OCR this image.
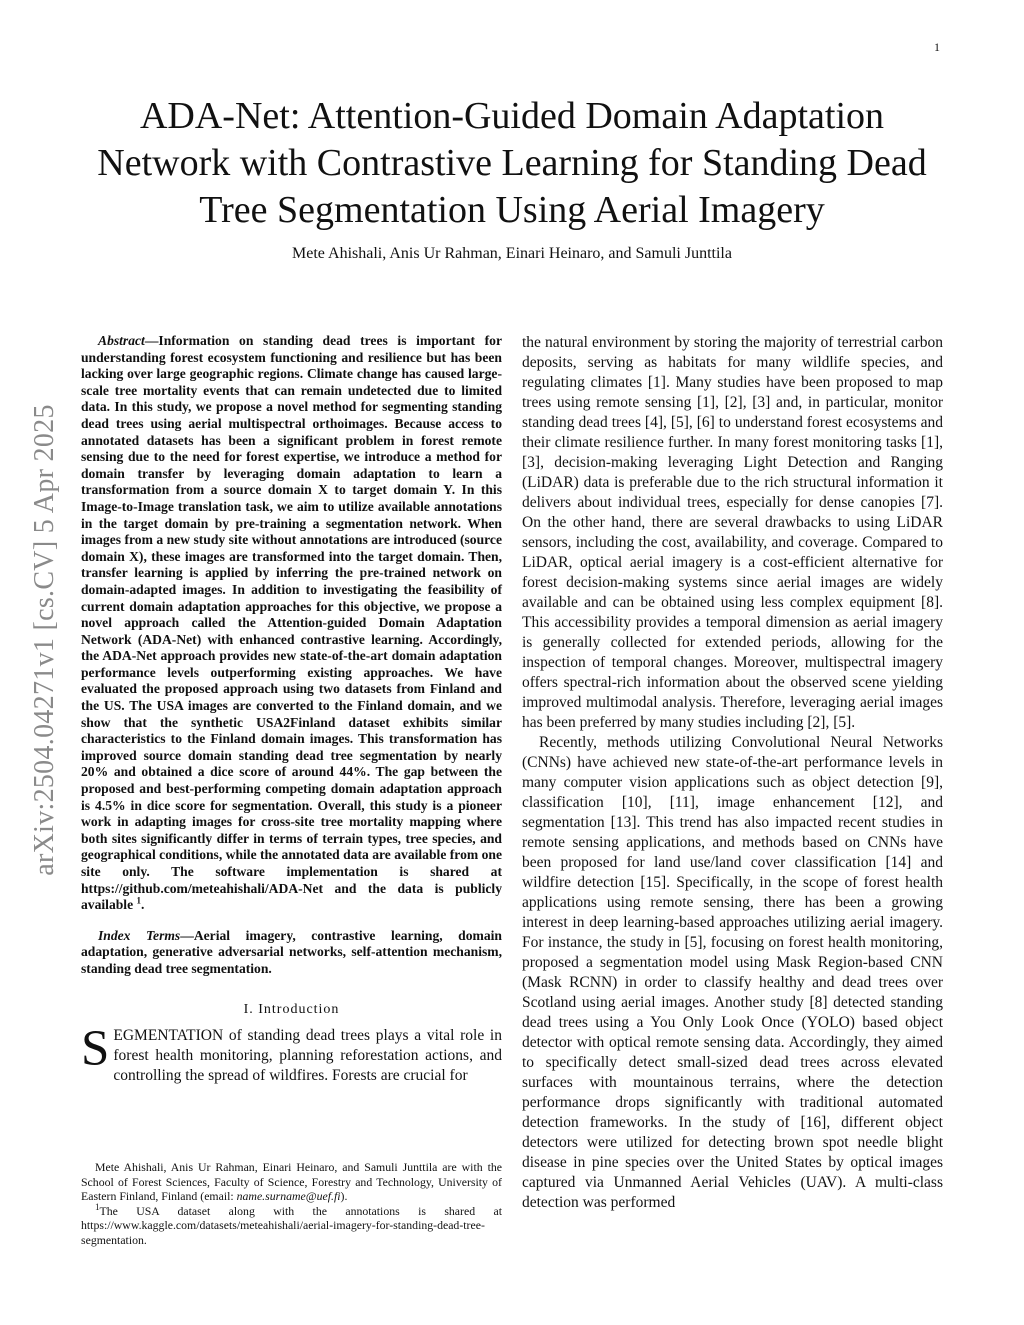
1
arXiv:2504.04271v1 [cs.CV] 5 Apr 2025
ADA-Net: Attention-Guided Domain Adaptation Network with Contrastive Learning for Standing Dead Tree Segmentation Using Aerial Imagery
Mete Ahishali, Anis Ur Rahman, Einari Heinaro, and Samuli Junttila

Abstract—Information on standing dead trees is important for understanding forest ecosystem functioning and resilience but has been lacking over large geographic regions. Climate change has caused large-scale tree mortality events that can remain undetected due to limited data. In this study, we propose a novel method for segmenting standing dead trees using aerial multispectral orthoimages. Because access to annotated datasets has been a significant problem in forest remote sensing due to the need for forest expertise, we introduce a method for domain transfer by leveraging domain adaptation to learn a transformation from a source domain X to target domain Y. In this Image-to-Image translation task, we aim to utilize available annotations in the target domain by pre-training a segmentation network. When images from a new study site without annotations are introduced (source domain X), these images are transformed into the target domain. Then, transfer learning is applied by inferring the pre-trained network on domain-adapted images. In addition to investigating the feasibility of current domain adaptation approaches for this objective, we propose a novel approach called the Attention-guided Domain Adaptation Network (ADA-Net) with enhanced contrastive learning. Accordingly, the ADA-Net approach provides new state-of-the-art domain adaptation performance levels outperforming existing approaches. We have evaluated the proposed approach using two datasets from Finland and the US. The USA images are converted to the Finland domain, and we show that the synthetic USA2Finland dataset exhibits similar characteristics to the Finland domain images. This transformation has improved source domain standing dead tree segmentation by nearly 20% and obtained a dice score of around 44%. The gap between the proposed and best-performing competing domain adaptation approach is 4.5% in dice score for segmentation. Overall, this study is a pioneer work in adapting images for cross-site tree mortality mapping where both sites significantly differ in terms of terrain types, tree species, and geographical conditions, while the annotated data are available from one site only. The software implementation is shared at https://github.com/meteahishali/ADA-Net and the data is publicly available $^1$.

Index Terms—Aerial imagery, contrastive learning, domain adaptation, generative adversarial networks, self-attention mechanism, standing dead tree segmentation.

I. Introduction

SEGMENTATION of standing dead trees plays a vital role in forest health monitoring, planning reforestation actions, and controlling the spread of wildfires. Forests are crucial for

Mete Ahishali, Anis Ur Rahman, Einari Heinaro, and Samuli Junttila are with the School of Forest Sciences, Faculty of Science, Forestry and Technology, University of Eastern Finland, Finland (email: name.surname@uef.fi).

$^1$The USA dataset along with the annotations is shared at https://www.kaggle.com/datasets/meteahishali/aerial-imagery-for-standing-dead-tree-segmentation.

the natural environment by storing the majority of terrestrial carbon deposits, serving as habitats for many wildlife species, and regulating climates [1]. Many studies have been proposed to map trees using remote sensing [1], [2], [3] and, in particular, monitor standing dead trees [4], [5], [6] to understand forest ecosystems and their climate resilience further. In many forest monitoring tasks [1], [3], decision-making leveraging Light Detection and Ranging (LiDAR) data is preferable due to the rich structural information it delivers about individual trees, especially for dense canopies [7]. On the other hand, there are several drawbacks to using LiDAR sensors, including the cost, availability, and coverage. Compared to LiDAR, optical aerial imagery is a cost-efficient alternative for forest decision-making systems since aerial images are widely available and can be obtained using less complex equipment [8]. This accessibility provides a temporal dimension as aerial imagery is generally collected for extended periods, allowing for the inspection of temporal changes. Moreover, multispectral imagery offers spectral-rich information about the observed scene yielding improved multimodal analysis. Therefore, leveraging aerial images has been preferred by many studies including [2], [5].

Recently, methods utilizing Convolutional Neural Networks (CNNs) have achieved new state-of-the-art performance levels in many computer vision applications such as object detection [9], classification [10], [11], image enhancement [12], and segmentation [13]. This trend has also impacted recent studies in remote sensing applications, and methods based on CNNs have been proposed for land use/land cover classification [14] and wildfire detection [15]. Specifically, in the scope of forest health applications using remote sensing, there has been a growing interest in deep learning-based approaches utilizing aerial imagery. For instance, the study in [5], focusing on forest health monitoring, proposed a segmentation model using Mask Region-based CNN (Mask RCNN) in order to classify healthy and dead trees over Scotland using aerial images. Another study [8] detected standing dead trees using a You Only Look Once (YOLO) based object detector with optical remote sensing data. Accordingly, they aimed to specifically detect small-sized dead trees across elevated surfaces with mountainous terrains, where the detection performance drops significantly with traditional automated detection frameworks. In the study of [16], different object detectors were utilized for detecting brown spot needle blight disease in pine species over the United States by optical images captured via Unmanned Aerial Vehicles (UAV). A multi-class detection was performed
